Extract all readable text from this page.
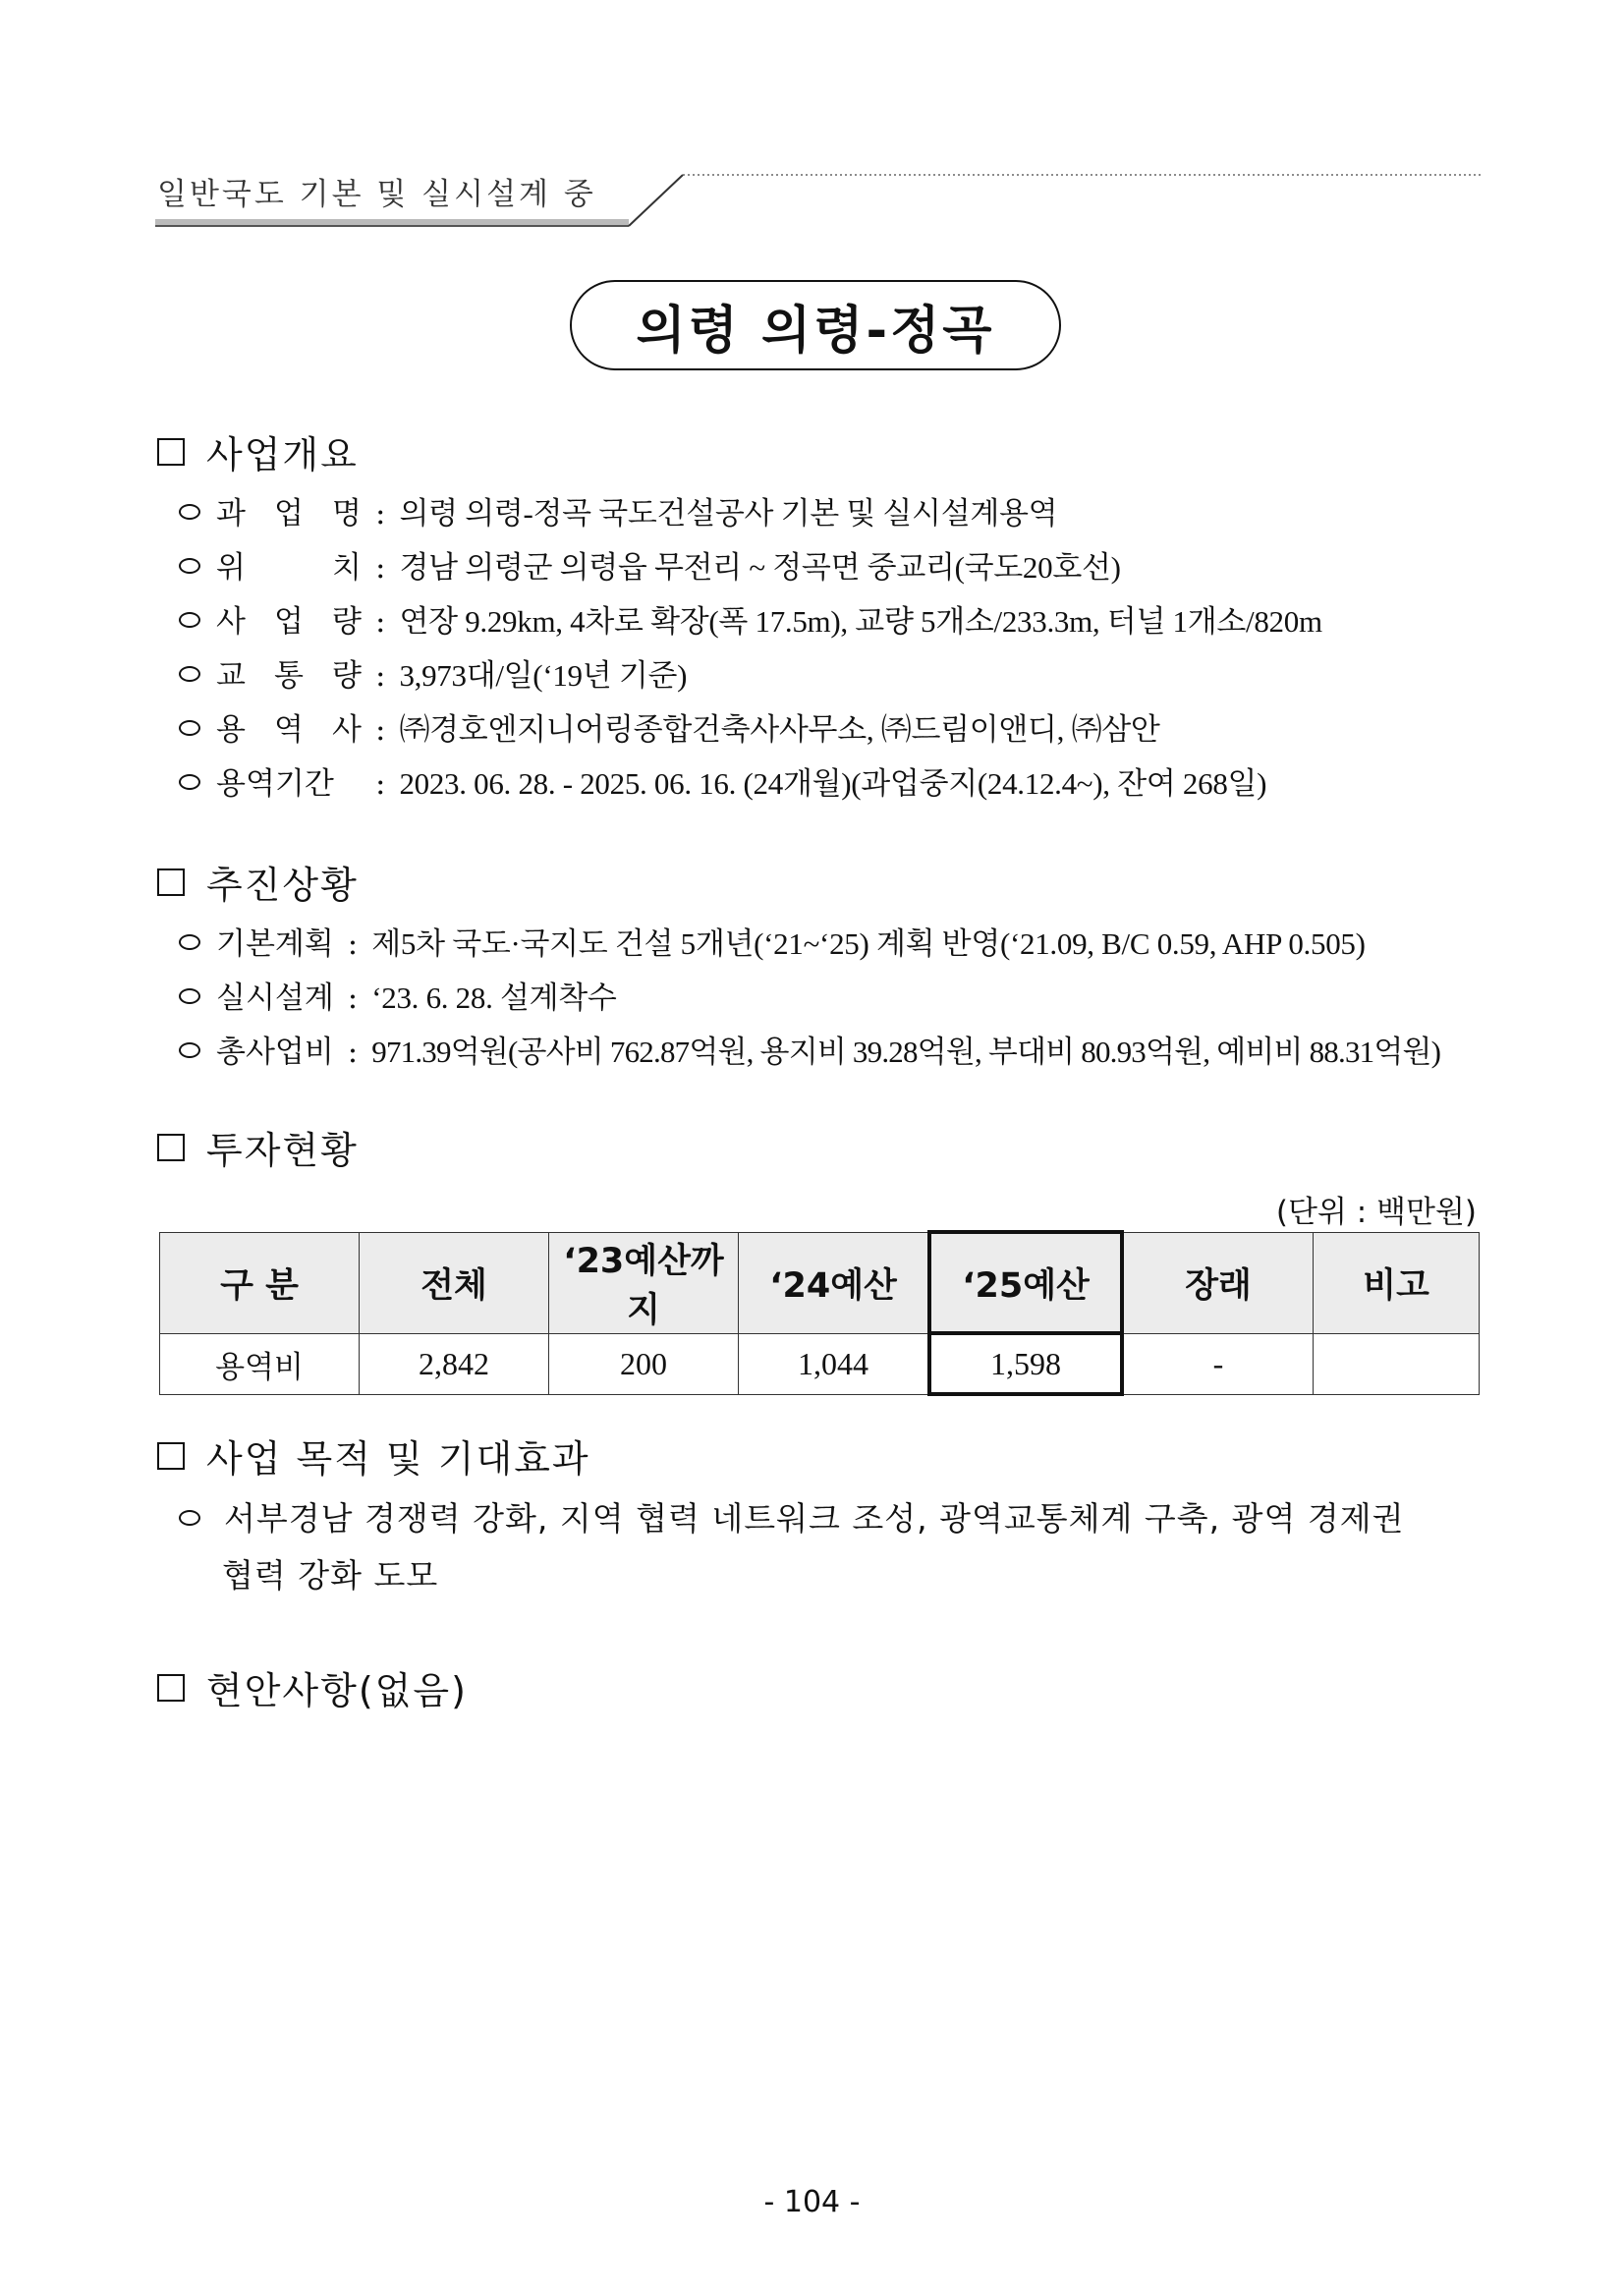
일반국도 기본 및 실시설계 중
의령 의령-정곡
사업개요
과 업 명 : 의령 의령-정곡 국도건설공사 기본 및 실시설계용역
위	치 : 경남 의령군 의령읍 무전리 ~ 정곡면 중교리(국도20호선)
사 업 량 : 연장 9.29km, 4차로 확장(폭 17.5m), 교량 5개소/233.3m, 터널 1개소/820m
교 통 량 : 3,973대/일(‘19년 기준)
용 역 사 : ㈜경호엔지니어링종합건축사사무소, ㈜드림이앤디, ㈜삼안
용역기간 : 2023. 06. 28. - 2025. 06. 16. (24개월)(과업중지(24.12.4~), 잔여 268일)
추진상황
기본계획 : 제5차 국도·국지도 건설 5개년(‘21~‘25) 계획 반영(‘21.09, B/C 0.59, AHP 0.505)
실시설계 : ‘23. 6. 28. 설계착수
총사업비 : 971.39억원(공사비 762.87억원, 용지비 39.28억원, 부대비 80.93억원, 예비비 88.31억원)
투자현황
(단위 : 백만원)
구 분	전체	‘23예산까지	‘24예산	‘25예산	장래	비고
용역비	2,842	200	1,044	1,598	-	
사업 목적 및 기대효과
서부경남 경쟁력 강화, 지역 협력 네트워크 조성, 광역교통체계 구축, 광역 경제권
협력 강화 도모
현안사항(없음)
- 104 -
